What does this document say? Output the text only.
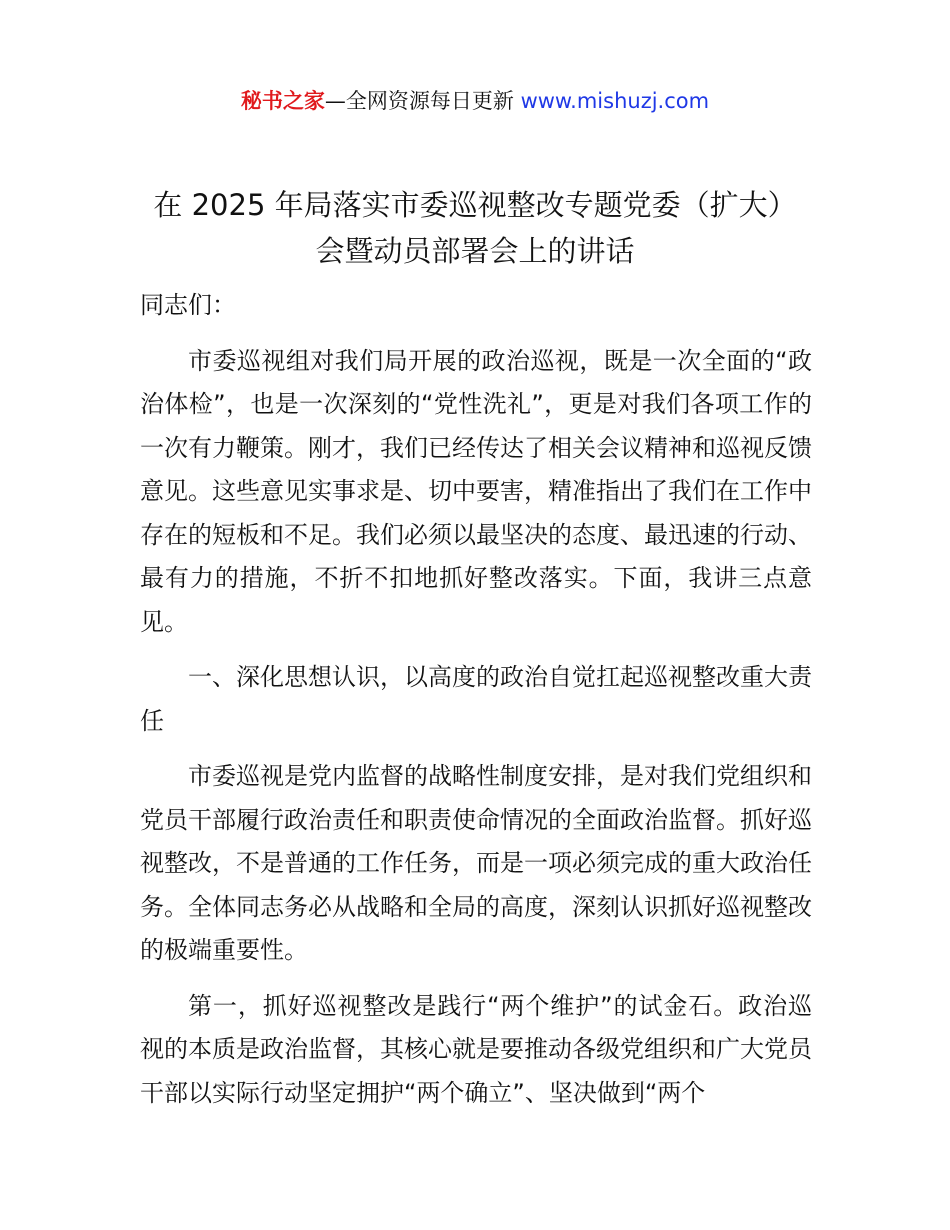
秘书之家—全网资源每日更新 www.mishuzj.com
在 2025 年局落实市委巡视整改专题党委（扩大）会暨动员部署会上的讲话

同志们：

市委巡视组对我们局开展的政治巡视，既是一次全面的“政治体检”，也是一次深刻的“党性洗礼”，更是对我们各项工作的一次有力鞭策。刚才，我们已经传达了相关会议精神和巡视反馈意见。这些意见实事求是、切中要害，精准指出了我们在工作中存在的短板和不足。我们必须以最坚决的态度、最迅速的行动、最有力的措施，不折不扣地抓好整改落实。下面，我讲三点意见。

一、深化思想认识，以高度的政治自觉扛起巡视整改重大责任

市委巡视是党内监督的战略性制度安排，是对我们党组织和党员干部履行政治责任和职责使命情况的全面政治监督。抓好巡视整改，不是普通的工作任务，而是一项必须完成的重大政治任务。全体同志务必从战略和全局的高度，深刻认识抓好巡视整改的极端重要性。

第一，抓好巡视整改是践行“两个维护”的试金石。政治巡视的本质是政治监督，其核心就是要推动各级党组织和广大党员干部以实际行动坚定拥护“两个确立”、坚决做到“两个
